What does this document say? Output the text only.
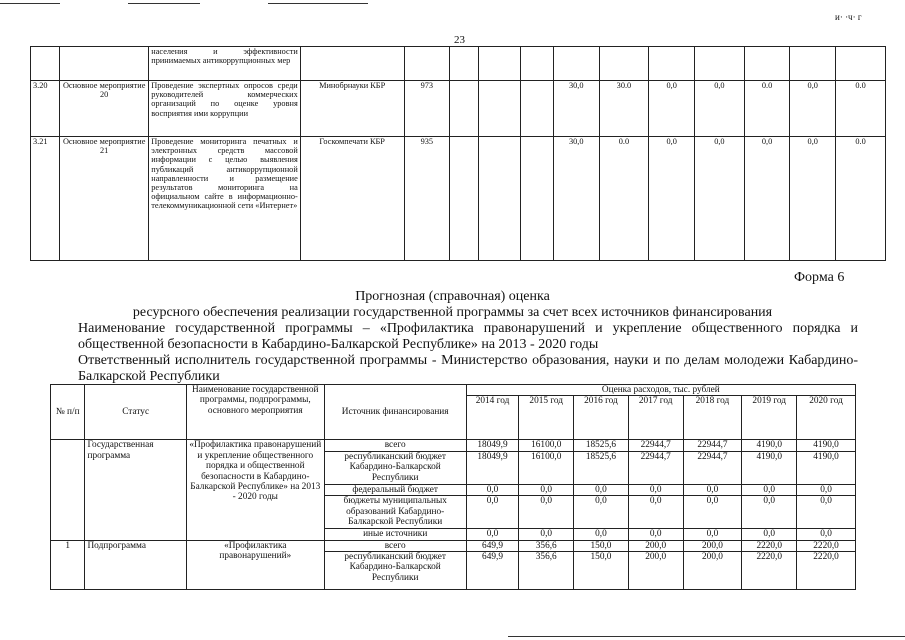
и· ·ч· г
23
		населения и эффективности принимаемых антикоррупционных мер												
3.20	Основное мероприятие 20	Проведение экспертных опросов среди руководителей коммерческих организаций по оценке уровня восприятия ими коррупции	Минобрнауки КБР	973				30,0	30.0	0,0	0,0	0.0	0,0	0.0
3.21	Основное мероприятие 21	Проведение мониторинга печатных и электронных средств массовой информации с целью выявления публикаций антикоррупционной направленности и размещение результатов мониторинга на официальном сайте в информационно-телекоммуникационной сети «Интернет»	Госкомпечати КБР	935				30,0	0.0	0,0	0,0	0,0	0,0	0.0
Форма 6
Прогнозная (справочная) оценка
ресурсного обеспечения реализации государственной программы за счет всех источников финансирования
Наименование государственной программы – «Профилактика правонарушений и укрепление общественного порядка и общественной безопасности в Кабардино-Балкарской Республике» на 2013 - 2020 годы
Ответственный исполнитель государственной программы - Министерство образования, науки и по делам молодежи Кабардино-Балкарской Республики
№ п/п	Статус	Наименование государственной программы, подпрограммы, основного мероприятия	Источник финансирования	Оценка расходов, тыс. рублей						
				2014 год	2015 год	2016 год	2017 год	2018 год	2019 год	2020 год
	Государственная программа	«Профилактика правонарушений и укрепление общественного порядка и общественной безопасности в Кабардино-Балкарской Республике» на 2013 - 2020 годы	всего	18049,9	16100,0	18525,6	22944,7	22944,7	4190,0	4190,0
			республиканский бюджет Кабардино-Балкарской Республики	18049,9	16100,0	18525,6	22944,7	22944,7	4190,0	4190,0
			федеральный бюджет	0,0	0,0	0,0	0,0	0,0	0,0	0,0
			бюджеты муниципальных образований Кабардино-Балкарской Республики	0,0	0,0	0,0	0,0	0,0	0,0	0,0
			иные источники	0,0	0,0	0,0	0,0	0,0	0,0	0,0
1	Подпрограмма	«Профилактика правонарушений»	всего	649,9	356,6	150,0	200,0	200,0	2220,0	2220,0
			республиканский бюджет Кабардино-Балкарской Республики	649,9	356,6	150,0	200,0	200,0	2220,0	2220,0
